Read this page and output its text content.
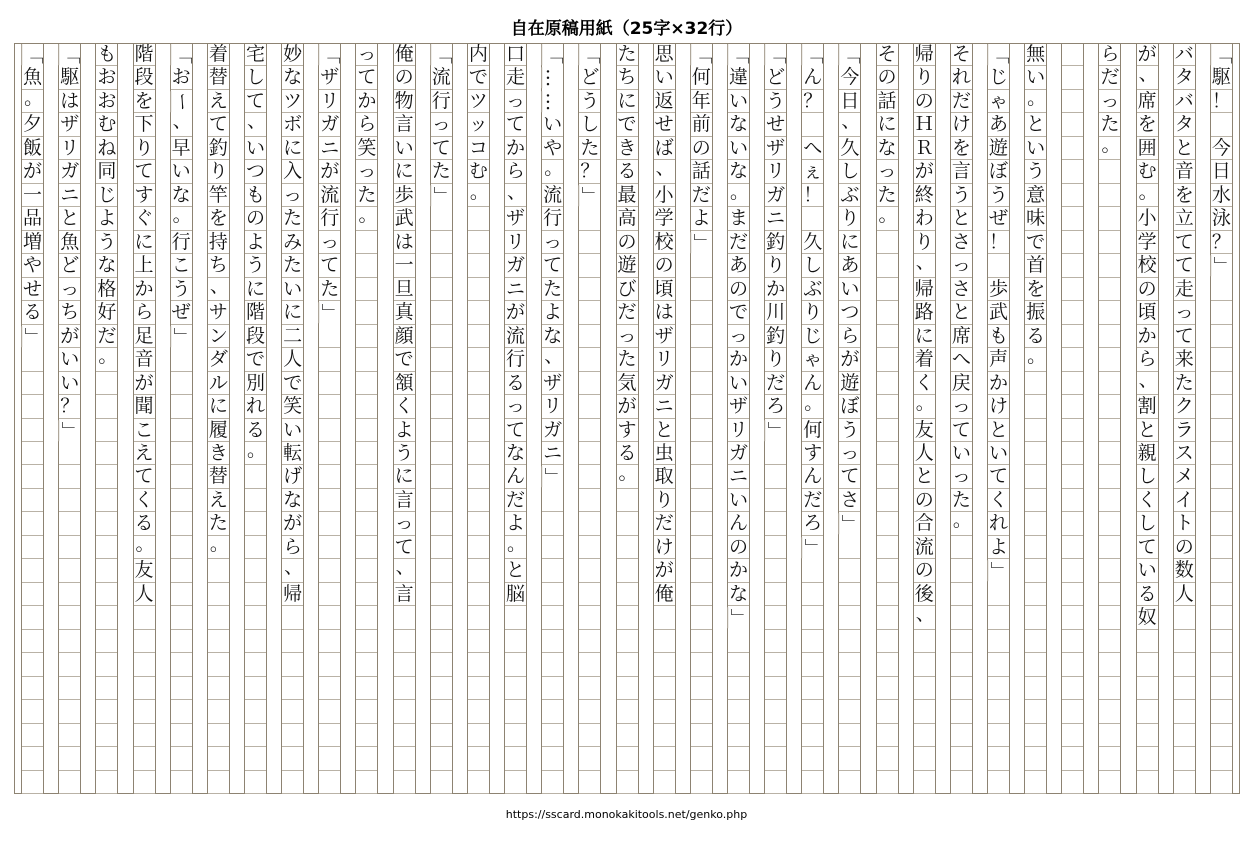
自在原稿用紙（25字×32行）
「
駆
！

今
日
水
泳
？
」
バ
タ
バ
タ
と
音
を
立
て
て
走
っ
て
来
た
ク
ラ
ス
メ
イ
ト
の
数
人
が
、
席
を
囲
む
。
小
学
校
の
頃
か
ら
、
割
と
親
し
く
し
て
い
る
奴
ら
だ
っ
た
。
無
い
。
と
い
う
意
味
で
首
を
振
る
。
「
じ
ゃ
あ
遊
ぼ
う
ぜ
！

歩
武
も
声
か
け
と
い
て
く
れ
よ
」
そ
れ
だ
け
を
言
う
と
さ
っ
さ
と
席
へ
戻
っ
て
い
っ
た
。
帰
り
の
Ｈ
Ｒ
が
終
わ
り
、
帰
路
に
着
く
。
友
人
と
の
合
流
の
後
、
そ
の
話
に
な
っ
た
。
「
今
日
、
久
し
ぶ
り
に
あ
い
つ
ら
が
遊
ぼ
う
っ
て
さ
」
「
ん
？

へ
ぇ
！

久
し
ぶ
り
じ
ゃ
ん
。
何
す
ん
だ
ろ
」
「
ど
う
せ
ザ
リ
ガ
ニ
釣
り
か
川
釣
り
だ
ろ
」
「
違
い
な
い
な
。
ま
だ
あ
の
で
っ
か
い
ザ
リ
ガ
ニ
い
ん
の
か
な
」
「
何
年
前
の
話
だ
よ
」
思
い
返
せ
ば
、
小
学
校
の
頃
は
ザ
リ
ガ
ニ
と
虫
取
り
だ
け
が
俺
た
ち
に
で
き
る
最
高
の
遊
び
だ
っ
た
気
が
す
る
。
「
ど
う
し
た
？
」
「
…
…
い
や
。
流
行
っ
て
た
よ
な
、
ザ
リ
ガ
ニ
」
口
走
っ
て
か
ら
、
ザ
リ
ガ
ニ
が
流
行
る
っ
て
な
ん
だ
よ
。
と
脳
内
で
ツ
ッ
コ
む
。
「
流
行
っ
て
た
」
俺
の
物
言
い
に
歩
武
は
一
旦
真
顔
で
頷
く
よ
う
に
言
っ
て
、
言
っ
て
か
ら
笑
っ
た
。
「
ザ
リ
ガ
ニ
が
流
行
っ
て
た
」
妙
な
ツ
ボ
に
入
っ
た
み
た
い
に
二
人
で
笑
い
転
げ
な
が
ら
、
帰
宅
し
て
、
い
つ
も
の
よ
う
に
階
段
で
別
れ
る
。
着
替
え
て
釣
り
竿
を
持
ち
、
サ
ン
ダ
ル
に
履
き
替
え
た
。
「
お
ー
、
早
い
な
。
行
こ
う
ぜ
」
階
段
を
下
り
て
す
ぐ
に
上
か
ら
足
音
が
聞
こ
え
て
く
る
。
友
人
も
お
お
む
ね
同
じ
よ
う
な
格
好
だ
。
「
駆
は
ザ
リ
ガ
ニ
と
魚
ど
っ
ち
が
い
い
？
」
「
魚
。
夕
飯
が
一
品
増
や
せ
る
」
https://sscard.monokakitools.net/genko.php
